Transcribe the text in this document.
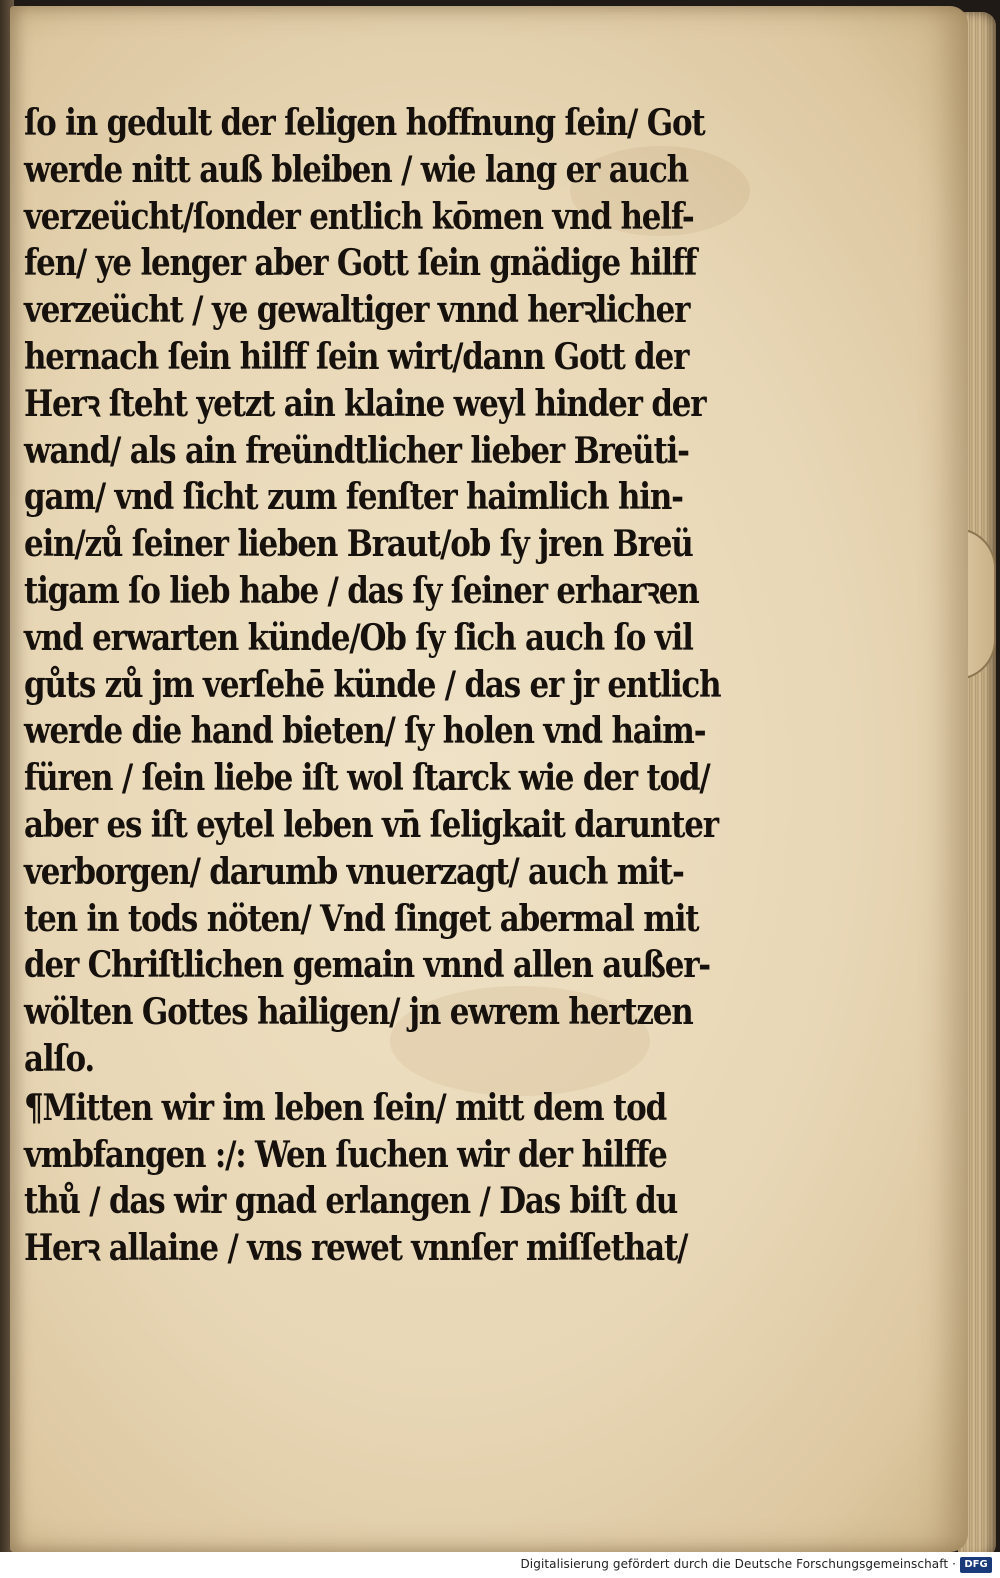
ſo in gedult der ſeligen hoffnung ſein/ Got
werde nitt auß bleiben / wie lang er auch
verzeücht/ſonder entlich kōmen vnd helf-
fen/ ye lenger aber Gott ſein gnädige hilff
verzeücht / ye gewaltiger vnnd herꝛlicher
hernach ſein hilff ſein wirt/dann Gott der
Herꝛ ſteht yetzt ain klaine weyl hinder der
wand/ als ain freündtlicher lieber Breüti-
gam/ vnd ſicht zum fenſter haimlich hin-
ein/zů ſeiner lieben Braut/ob ſy jren Breü
tigam ſo lieb habe / das ſy ſeiner erharꝛen
vnd erwarten künde/Ob ſy ſich auch ſo vil
gůts zů jm verſehē künde / das er jr entlich
werde die hand bieten/ ſy holen vnd haim-
füren / ſein liebe iſt wol ſtarck wie der tod/
aber es iſt eytel leben vn̄ ſeligkait darunter
verborgen/ darumb vnuerzagt/ auch mit-
ten in tods nöten/ Vnd ſinget abermal mit
der Chriſtlichen gemain vnnd allen außer-
wölten Gottes hailigen/ jn ewrem hertzen
alſo.
¶Mitten wir im leben ſein/ mitt dem tod
vmbfangen :/: Wen ſuchen wir der hilffe
thů / das wir gnad erlangen / Das biſt du
Herꝛ allaine / vns rewet vnnſer miſſethat/
Digitalisierung gefördert durch die Deutsche Forschungsgemeinschaft · DFG
